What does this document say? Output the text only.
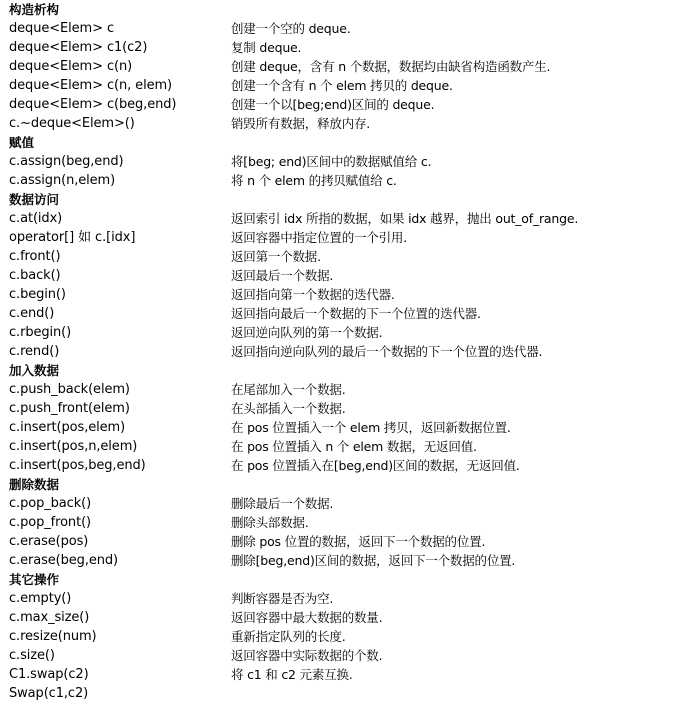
构造析构
deque<Elem> c	创建一个空的 deque.
deque<Elem> c1(c2)	复制 deque.
deque<Elem> c(n)	创建 deque，含有 n 个数据，数据均由缺省构造函数产生.
deque<Elem> c(n, elem)	创建一个含有 n 个 elem 拷贝的 deque.
deque<Elem> c(beg,end)	创建一个以[beg;end)区间的 deque.
c.~deque<Elem>()	销毁所有数据，释放内存.
赋值
c.assign(beg,end)	将[beg; end)区间中的数据赋值给 c.
c.assign(n,elem)	将 n 个 elem 的拷贝赋值给 c.
数据访问
c.at(idx)	返回索引 idx 所指的数据，如果 idx 越界，抛出 out_of_range.
operator[] 如 c.[idx]	返回容器中指定位置的一个引用.
c.front()	返回第一个数据.
c.back()	返回最后一个数据.
c.begin()	返回指向第一个数据的迭代器.
c.end()	返回指向最后一个数据的下一个位置的迭代器.
c.rbegin()	返回逆向队列的第一个数据.
c.rend()	返回指向逆向队列的最后一个数据的下一个位置的迭代器.
加入数据
c.push_back(elem)	在尾部加入一个数据.
c.push_front(elem)	在头部插入一个数据.
c.insert(pos,elem)	在 pos 位置插入一个 elem 拷贝，返回新数据位置.
c.insert(pos,n,elem)	在 pos 位置插入 n 个 elem 数据，无返回值.
c.insert(pos,beg,end)	在 pos 位置插入在[beg,end)区间的数据，无返回值.
删除数据
c.pop_back()	删除最后一个数据.
c.pop_front()	删除头部数据.
c.erase(pos)	删除 pos 位置的数据，返回下一个数据的位置.
c.erase(beg,end)	删除[beg,end)区间的数据，返回下一个数据的位置.
其它操作
c.empty()	判断容器是否为空.
c.max_size()	返回容器中最大数据的数量.
c.resize(num)	重新指定队列的长度.
c.size()	返回容器中实际数据的个数.
C1.swap(c2)	将 c1 和 c2 元素互换.
Swap(c1,c2)
